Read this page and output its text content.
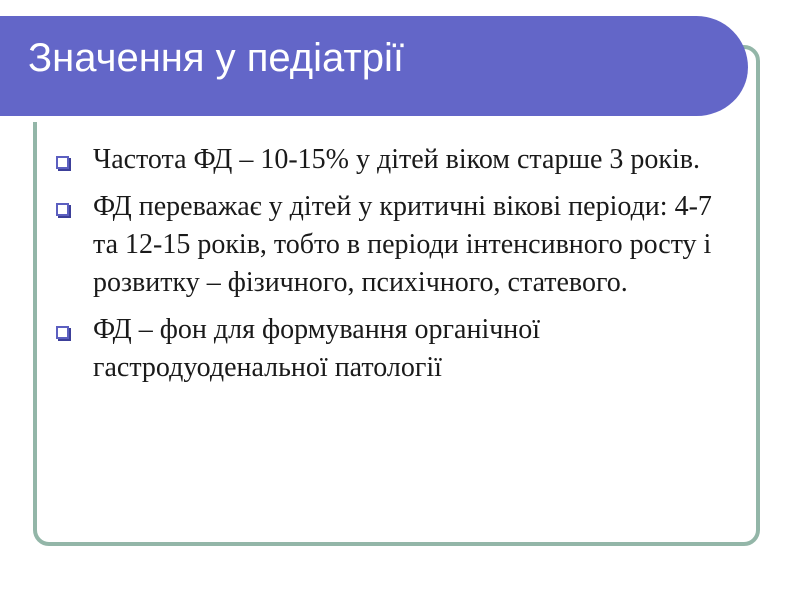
Значення у педіатрії
Частота ФД – 10-15% у дітей віком старше 3 років.
ФД переважає у дітей у критичні вікові періоди: 4-7 та 12-15 років, тобто в періоди інтенсивного росту і розвитку – фізичного, психічного, статевого.
ФД – фон для формування органічної гастродуоденальної патології
